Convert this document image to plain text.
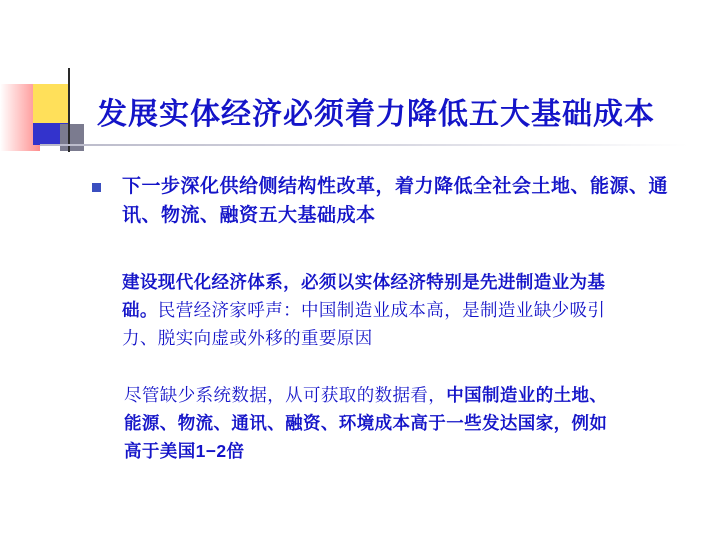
发展实体经济必须着力降低五大基础成本
下一步深化供给侧结构性改革，着力降低全社会土地、能源、通讯、物流、融资五大基础成本
建设现代化经济体系，必须以实体经济特别是先进制造业为基础。民营经济家呼声：中国制造业成本高，是制造业缺少吸引力、脱实向虚或外移的重要原因
尽管缺少系统数据，从可获取的数据看，中国制造业的土地、能源、物流、通讯、融资、环境成本高于一些发达国家，例如高于美国1−2倍
